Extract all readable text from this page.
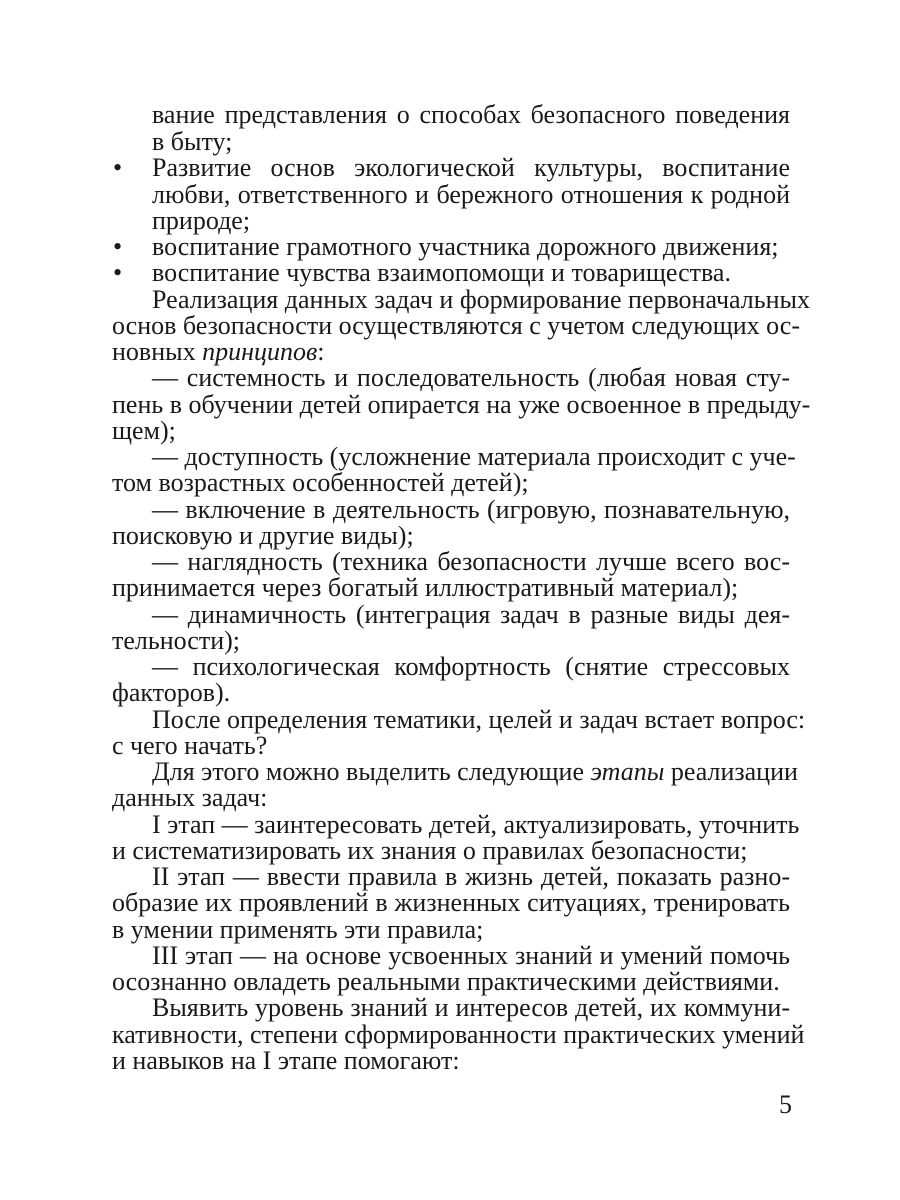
вание представления о способах безопасного поведения
в быту;
• Развитие основ экологической культуры, воспитание
любви, ответственного и бережного отношения к родной
природе;
• воспитание грамотного участника дорожного движения;
• воспитание чувства взаимопомощи и товарищества.
Реализация данных задач и формирование первоначальных
основ безопасности осуществляются с учетом следующих ос-
новных принципов:
— системность и последовательность (любая новая сту-
пень в обучении детей опирается на уже освоенное в предыду-
щем);
— доступность (усложнение материала происходит с уче-
том возрастных особенностей детей);
— включение в деятельность (игровую, познавательную,
поисковую и другие виды);
— наглядность (техника безопасности лучше всего вос-
принимается через богатый иллюстративный материал);
— динамичность (интеграция задач в разные виды дея-
тельности);
— психологическая комфортность (снятие стрессовых
факторов).
После определения тематики, целей и задач встает вопрос:
с чего начать?
Для этого можно выделить следующие этапы реализации
данных задач:
I этап — заинтересовать детей, актуализировать, уточнить
и систематизировать их знания о правилах безопасности;
II этап — ввести правила в жизнь детей, показать разно-
образие их проявлений в жизненных ситуациях, тренировать
в умении применять эти правила;
III этап — на основе усвоенных знаний и умений помочь
осознанно овладеть реальными практическими действиями.
Выявить уровень знаний и интересов детей, их коммуни-
кативности, степени сформированности практических умений
и навыков на I этапе помогают:
5
